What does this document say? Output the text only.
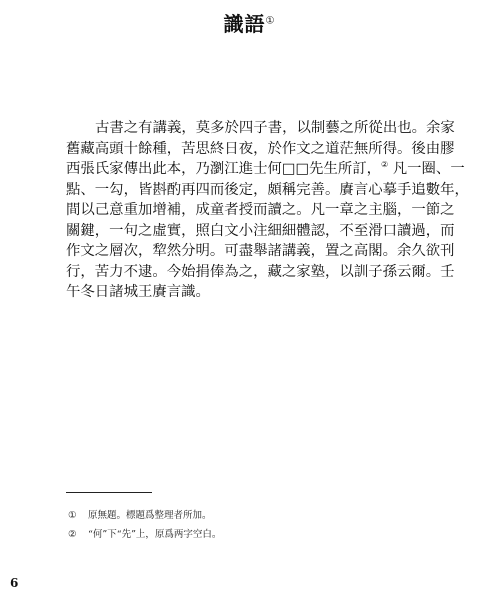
識語①
古書之有講義，莫多於四子書，以制藝之所從出也。余家
舊藏高頭十餘種，苦思終日夜，於作文之道茫無所得。後由膠
西張氏家傳出此本，乃瀏江進士何□□先生所訂，② 凡一圈、一
點、一勾，皆斟酌再四而後定，頗稱完善。賡言心摹手追數年，
間以己意重加增補，成童者授而讀之。凡一章之主腦，一節之
關鍵，一句之虛實，照白文小注細細體認，不至滑口讀過，而
作文之層次，犂然分明。可盡舉諸講義，置之高閣。余久欲刊
行，苦力不逮。今始捐俸為之，藏之家塾，以訓子孫云爾。壬
午冬日諸城王賡言識。
① 原無題。標題爲整理者所加。
② “何”下“先”上，原爲两字空白。
6
